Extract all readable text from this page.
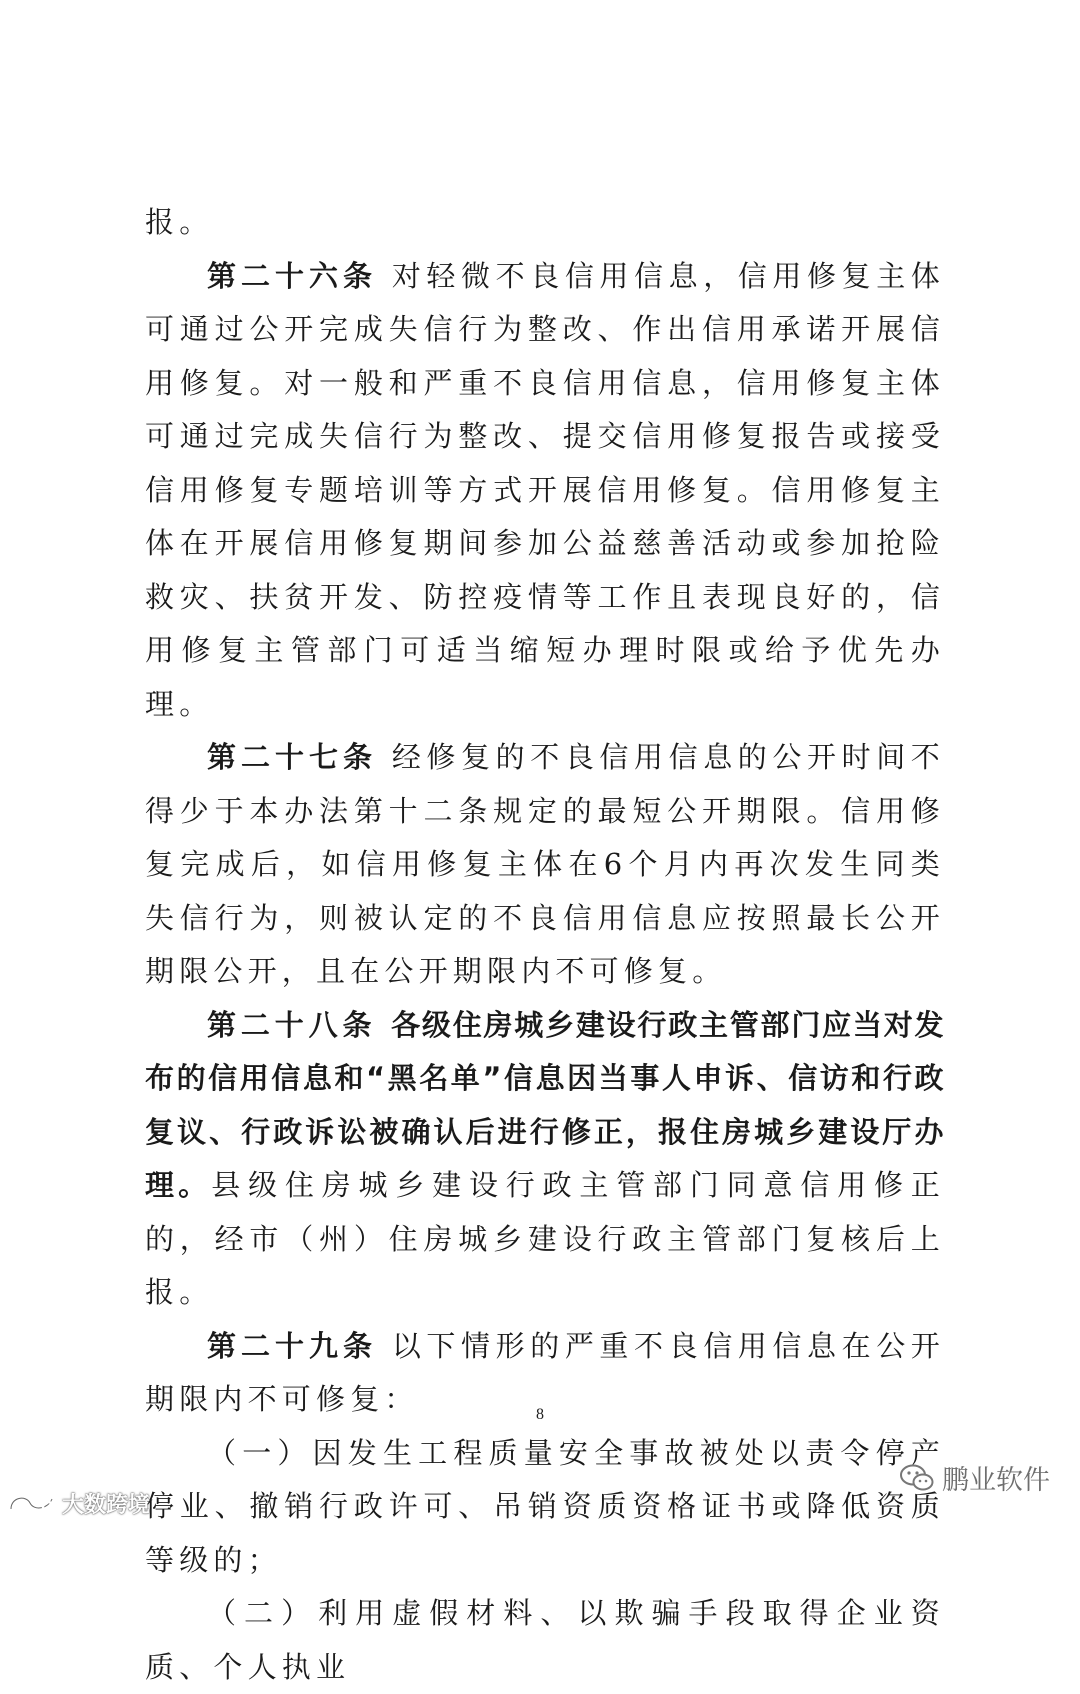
报。

第二十六条 对轻微不良信用信息，信用修复主体可通过公开完成失信行为整改、作出信用承诺开展信用修复。对一般和严重不良信用信息，信用修复主体可通过完成失信行为整改、提交信用修复报告或接受信用修复专题培训等方式开展信用修复。信用修复主体在开展信用修复期间参加公益慈善活动或参加抢险救灾、扶贫开发、防控疫情等工作且表现良好的，信用修复主管部门可适当缩短办理时限或给予优先办理。

第二十七条 经修复的不良信用信息的公开时间不得少于本办法第十二条规定的最短公开期限。信用修复完成后，如信用修复主体在6个月内再次发生同类失信行为，则被认定的不良信用信息应按照最长公开期限公开，且在公开期限内不可修复。

第二十八条 各级住房城乡建设行政主管部门应当对发布的信用信息和“黑名单”信息因当事人申诉、信访和行政复议、行政诉讼被确认后进行修正，报住房城乡建设厅办理。县级住房城乡建设行政主管部门同意信用修正的，经市（州）住房城乡建设行政主管部门复核后上报。

第二十九条 以下情形的严重不良信用信息在公开期限内不可修复：

（一）因发生工程质量安全事故被处以责令停产停业、撤销行政许可、吊销资质资格证书或降低资质等级的；

（二）利用虚假材料、以欺骗手段取得企业资质、个人执业

8
鹏业软件
大数跨境
